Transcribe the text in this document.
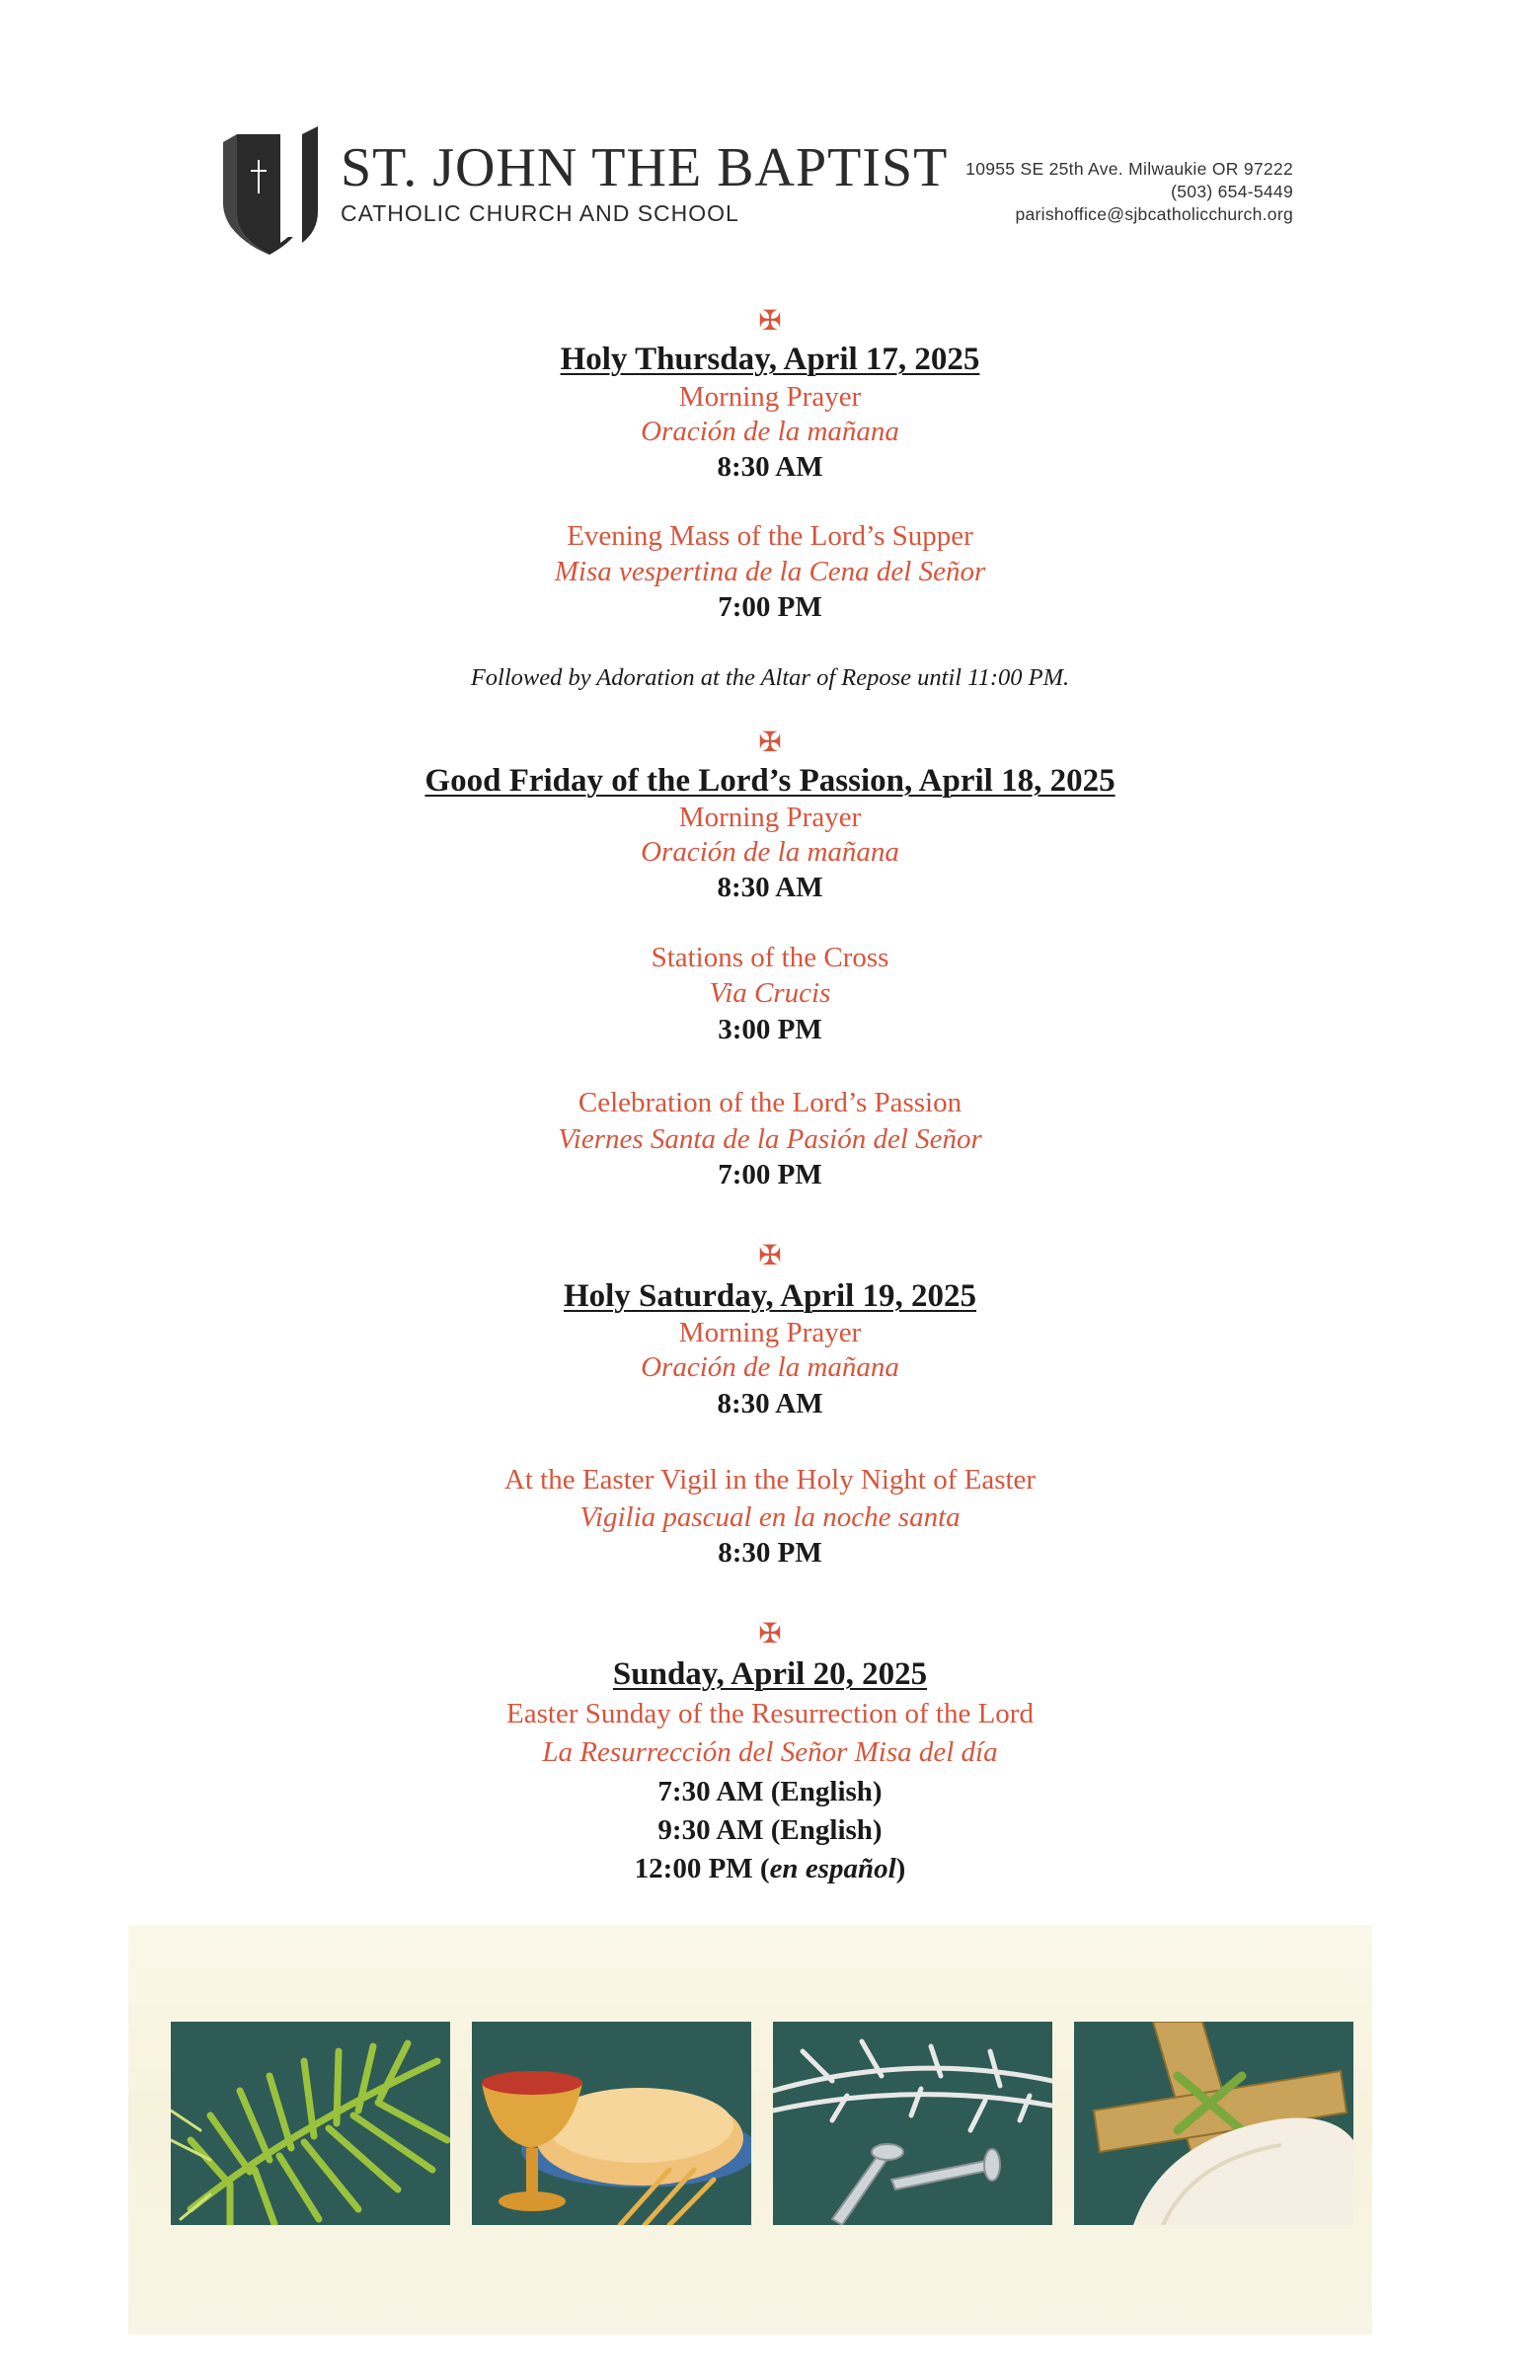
ST. JOHN THE BAPTIST
CATHOLIC CHURCH AND SCHOOL
10955 SE 25th Ave. Milwaukie OR 97222
(503) 654-5449
parishoffice@sjbcatholicchurch.org
✠
Holy Thursday, April 17, 2025
Morning Prayer
Oración de la mañana
8:30 AM
Evening Mass of the Lord’s Supper
Misa vespertina de la Cena del Señor
7:00 PM
Followed by Adoration at the Altar of Repose until 11:00 PM.
✠
Good Friday of the Lord’s Passion, April 18, 2025
Morning Prayer
Oración de la mañana
8:30 AM
Stations of the Cross
Via Crucis
3:00 PM
Celebration of the Lord’s Passion
Viernes Santa de la Pasión del Señor
7:00 PM
✠
Holy Saturday, April 19, 2025
Morning Prayer
Oración de la mañana
8:30 AM
At the Easter Vigil in the Holy Night of Easter
Vigilia pascual en la noche santa
8:30 PM
✠
Sunday, April 20, 2025
Easter Sunday of the Resurrection of the Lord
La Resurrección del Señor Misa del día
7:30 AM (English)
9:30 AM (English)
12:00 PM (en español)
